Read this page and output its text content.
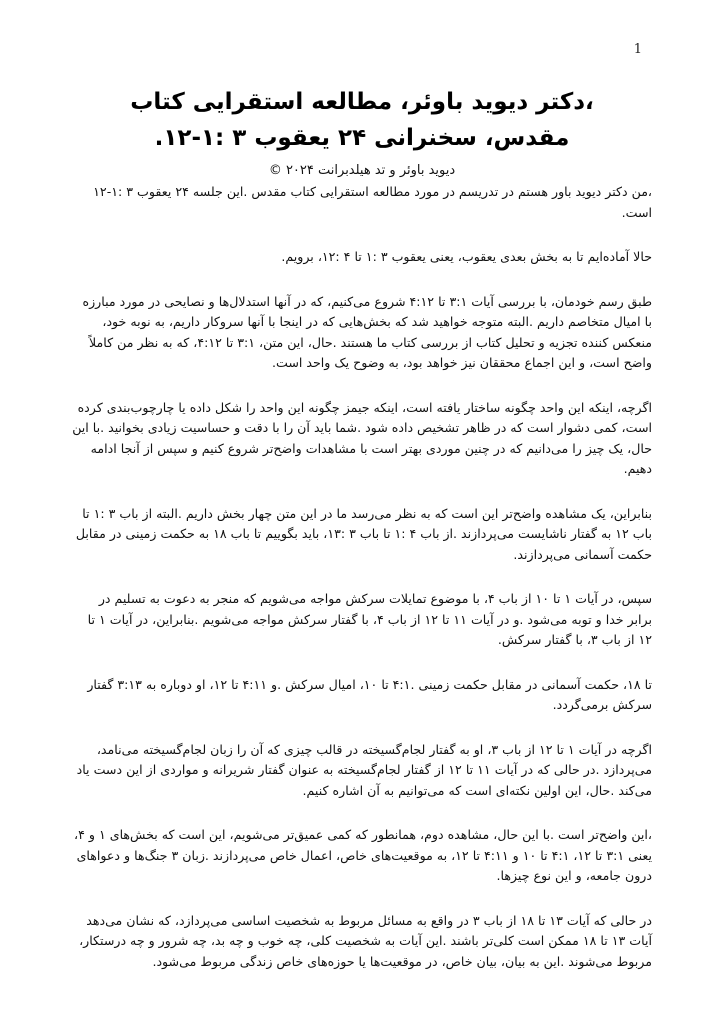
1
،دکتر دیوید باوئر، مطالعه استقرایی کتاب مقدس، سخنرانی ۲۴ یعقوب ۳ :۱-۱۲.
دیوید باوئر و تد هیلدبرانت ۲۰۲۴ ©

،من دکتر دیوید باور هستم در تدریسم در مورد مطالعه استقرایی کتاب مقدس .این جلسه ۲۴ یعقوب ۳ :۱-۱۲ است.

حالا آماده‌ایم تا به بخش بعدی یعقوب، یعنی یعقوب ۳ :۱ تا ۴ :۱۲، برویم.

طبق رسم خودمان، با بررسی آیات ۳:۱ تا ۴:۱۲ شروع می‌کنیم، که در آنها استدلال‌ها و نصایحی در مورد مبارزه با امیال متخاصم داریم .البته متوجه خواهید شد که بخش‌هایی که در اینجا با آنها سروکار داریم، به نوبه خود، منعکس کننده تجزیه و تحلیل کتاب از بررسی کتاب ما هستند .حال، این متن، ۳:۱ تا ۴:۱۲، که به نظر من کاملاً واضح است، و این اجماع محققان نیز خواهد بود، به وضوح یک واحد است.

اگرچه، اینکه این واحد چگونه ساختار یافته است، اینکه جیمز چگونه این واحد را شکل داده یا چارچوب‌بندی کرده است، کمی دشوار است که در ظاهر تشخیص داده شود .شما باید آن را با دقت و حساسیت زیادی بخوانید .با این حال، یک چیز را می‌دانیم که در چنین موردی بهتر است با مشاهدات واضح‌تر شروع کنیم و سپس از آنجا ادامه دهیم.

بنابراین، یک مشاهده واضح‌تر این است که به نظر می‌رسد ما در این متن چهار بخش داریم .البته از باب ۳ :۱ تا باب ۱۲ به گفتار ناشایست می‌پردازند .از باب ۴ :۱ تا باب ۳ :۱۳، باید بگوییم تا باب ۱۸ به حکمت زمینی در مقابل حکمت آسمانی می‌پردازند.

سپس، در آیات ۱ تا ۱۰ از باب ۴، با موضوع تمایلات سرکش مواجه می‌شویم که منجر به دعوت به تسلیم در برابر خدا و توبه می‌شود .و در آیات ۱۱ تا ۱۲ از باب ۴، با گفتار سرکش مواجه می‌شویم .بنابراین، در آیات ۱ تا ۱۲ از باب ۳، با گفتار سرکش.

تا ۱۸، حکمت آسمانی در مقابل حکمت زمینی .۴:۱ تا ۱۰، امیال سرکش .و ۴:۱۱ تا ۱۲، او دوباره به ۳:۱۳ گفتار سرکش برمی‌گردد.

اگرچه در آیات ۱ تا ۱۲ از باب ۳، او به گفتار لجام‌گسیخته در قالب چیزی که آن را زبان لجام‌گسیخته می‌نامد، می‌پردازد .در حالی که در آیات ۱۱ تا ۱۲ از گفتار لجام‌گسیخته به عنوان گفتار شریرانه و مواردی از این دست یاد می‌کند .حال، این اولین نکته‌ای است که می‌توانیم به آن اشاره کنیم.

،این واضح‌تر است .با این حال، مشاهده دوم، همانطور که کمی عمیق‌تر می‌شویم، این است که بخش‌های ۱ و ۴، یعنی ۳:۱ تا ۱۲، ۴:۱ تا ۱۰ و ۴:۱۱ تا ۱۲، به موقعیت‌های خاص، اعمال خاص می‌پردازند .زبان ۳ جنگ‌ها و دعواهای درون جامعه، و این نوع چیزها.

در حالی که آیات ۱۳ تا ۱۸ از باب ۳ در واقع به مسائل مربوط به شخصیت اساسی می‌پردازد، که نشان می‌دهد آیات ۱۳ تا ۱۸ ممکن است کلی‌تر باشند .این آیات به شخصیت کلی، چه خوب و چه بد، چه شرور و چه درستکار، مربوط می‌شوند .این به بیان، بیان خاص، در موقعیت‌ها یا حوزه‌های خاص زندگی مربوط می‌شود.
